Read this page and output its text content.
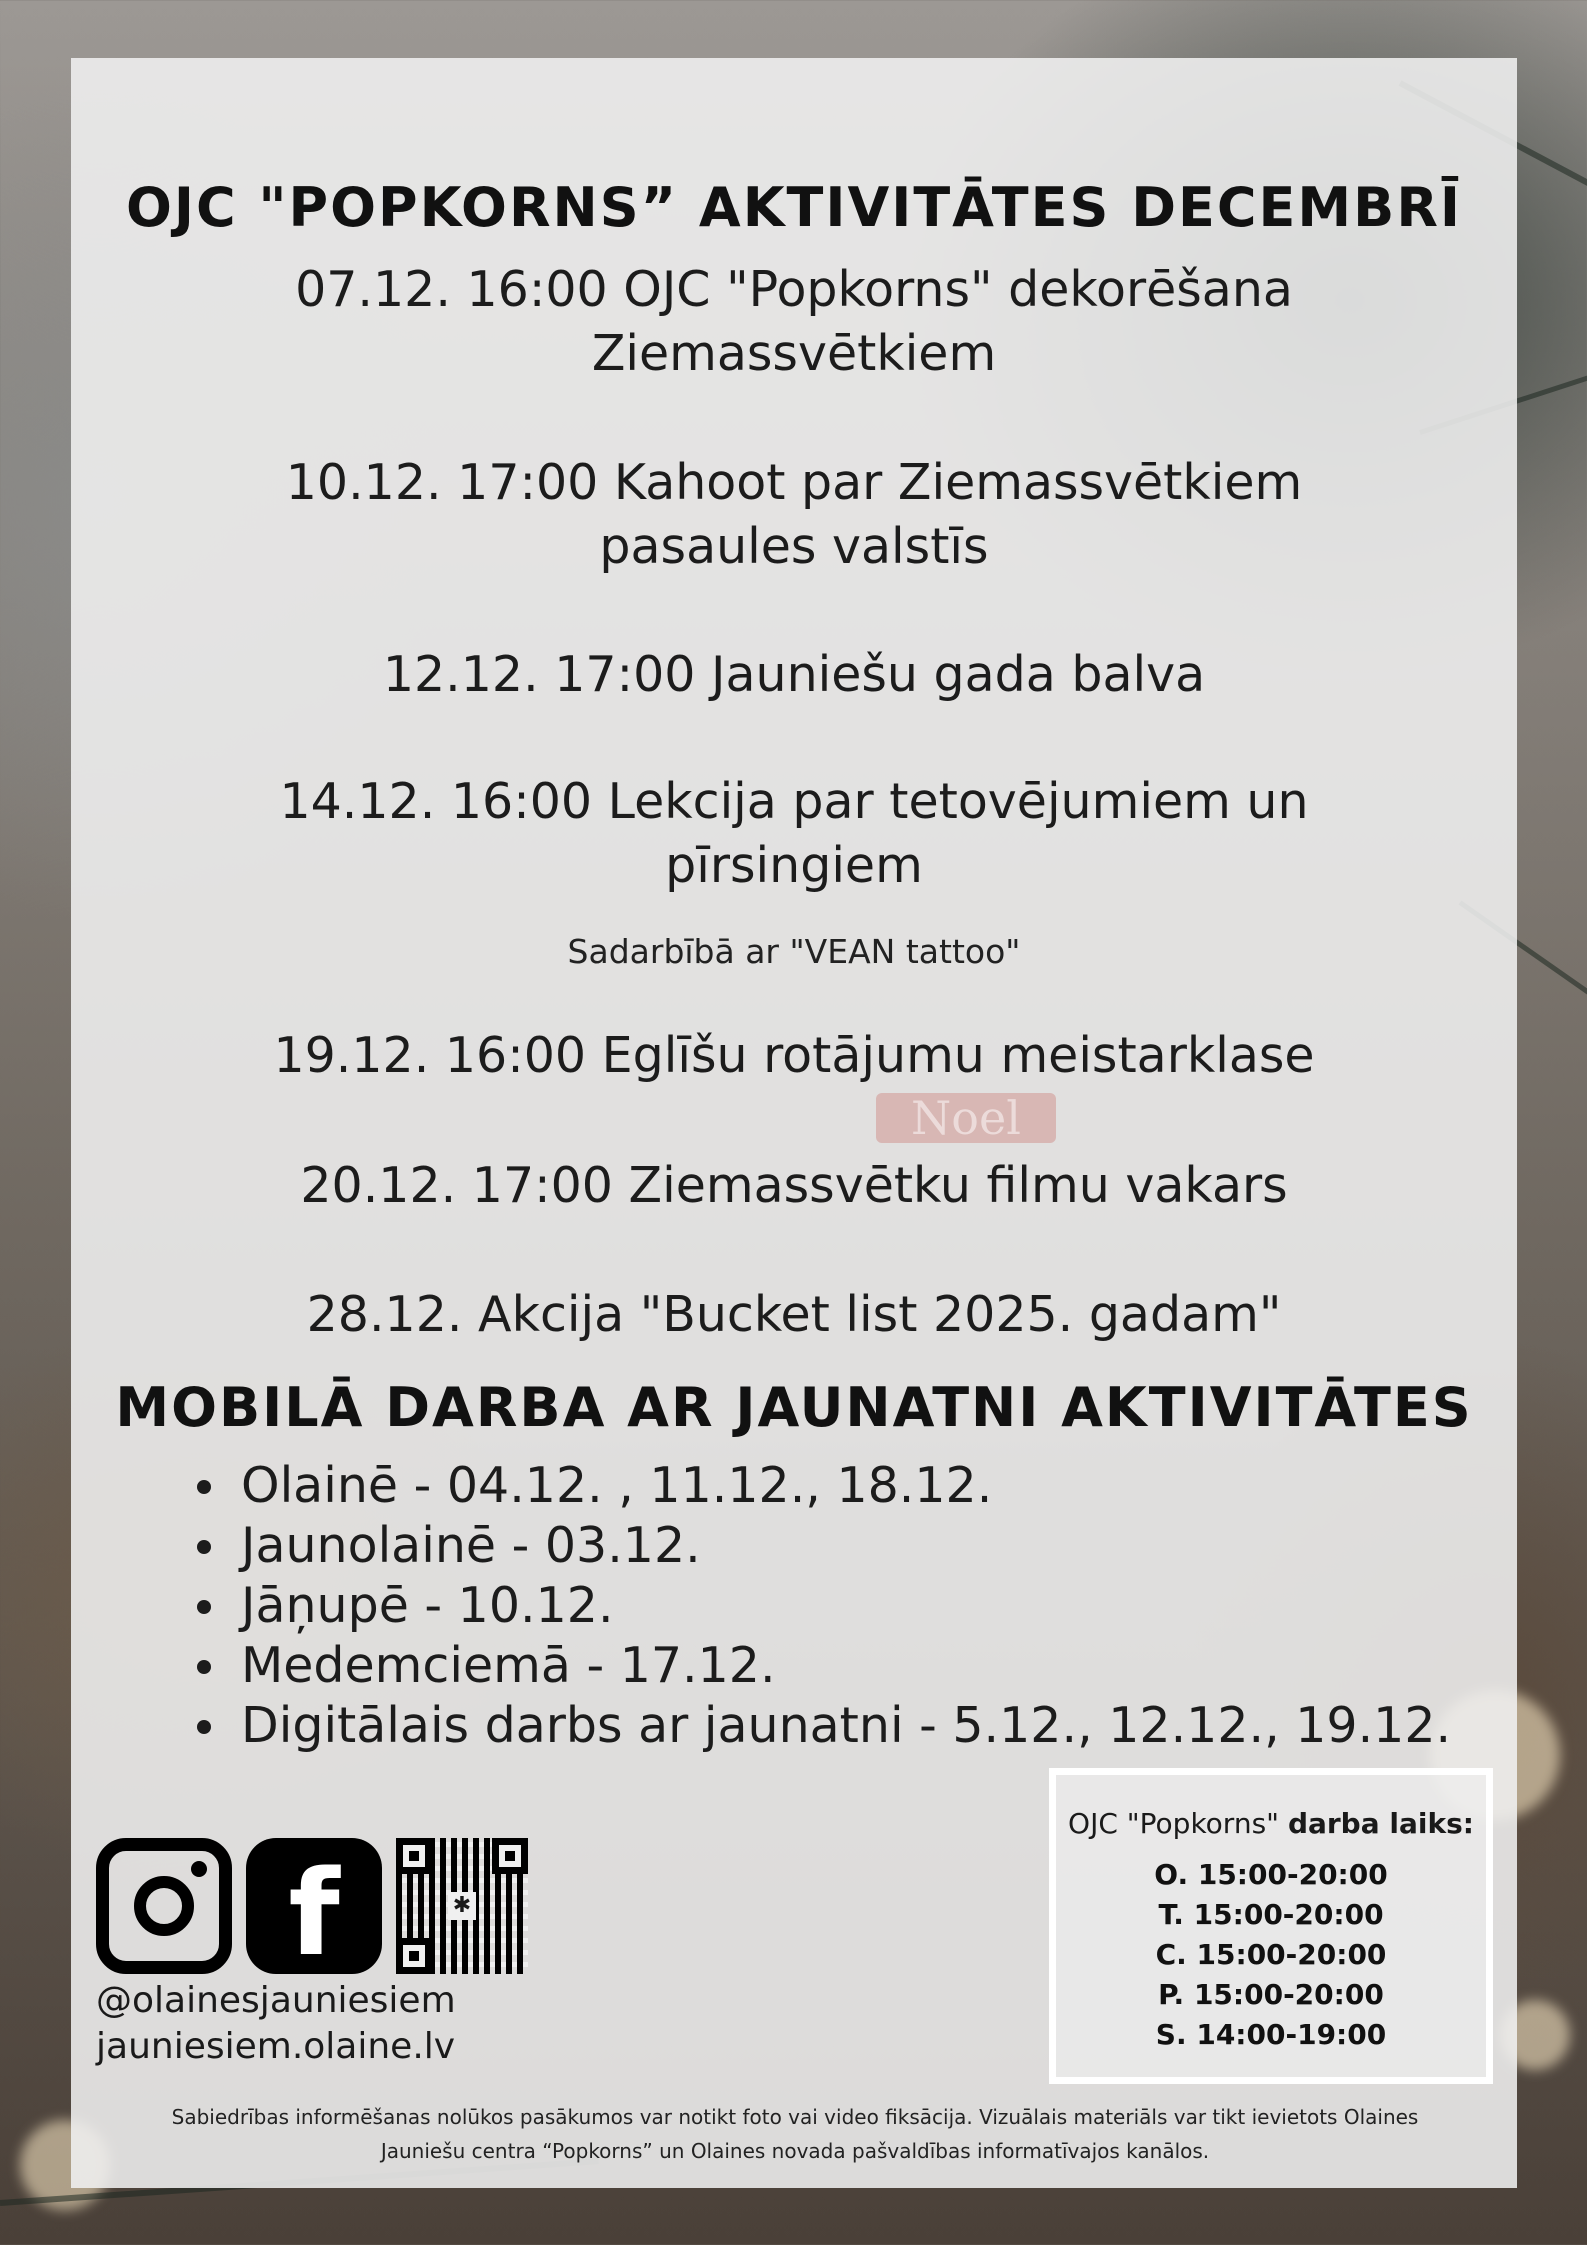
Noel
OJC "POPKORNS” AKTIVITĀTES DECEMBRĪ
07.12. 16:00 OJC "Popkorns" dekorēšana
Ziemassvētkiem
10.12. 17:00 Kahoot par Ziemassvētkiem
pasaules valstīs
12.12. 17:00 Jauniešu gada balva
14.12. 16:00 Lekcija par tetovējumiem un
pīrsingiem
Sadarbībā ar "VEAN tattoo"
19.12. 16:00 Eglīšu rotājumu meistarklase
20.12. 17:00 Ziemassvētku filmu vakars
28.12. Akcija "Bucket list 2025. gadam"
MOBILĀ DARBA AR JAUNATNI AKTIVITĀTES
Olainē - 04.12. , 11.12., 18.12.
Jaunolainē - 03.12.
Jāņupē - 10.12.
Medemciemā - 17.12.
Digitālais darbs ar jaunatni - 5.12., 12.12., 19.12.
f	✱
@olainesjauniesiem
jauniesiem.olaine.lv
OJC "Popkorns" darba laiks:
O. 15:00-20:00
T. 15:00-20:00
C. 15:00-20:00
P. 15:00-20:00
S. 14:00-19:00
Sabiedrības informēšanas nolūkos pasākumos var notikt foto vai video fiksācija. Vizuālais materiāls var tikt ievietots Olaines
Jauniešu centra “Popkorns” un Olaines novada pašvaldības informatīvajos kanālos.
